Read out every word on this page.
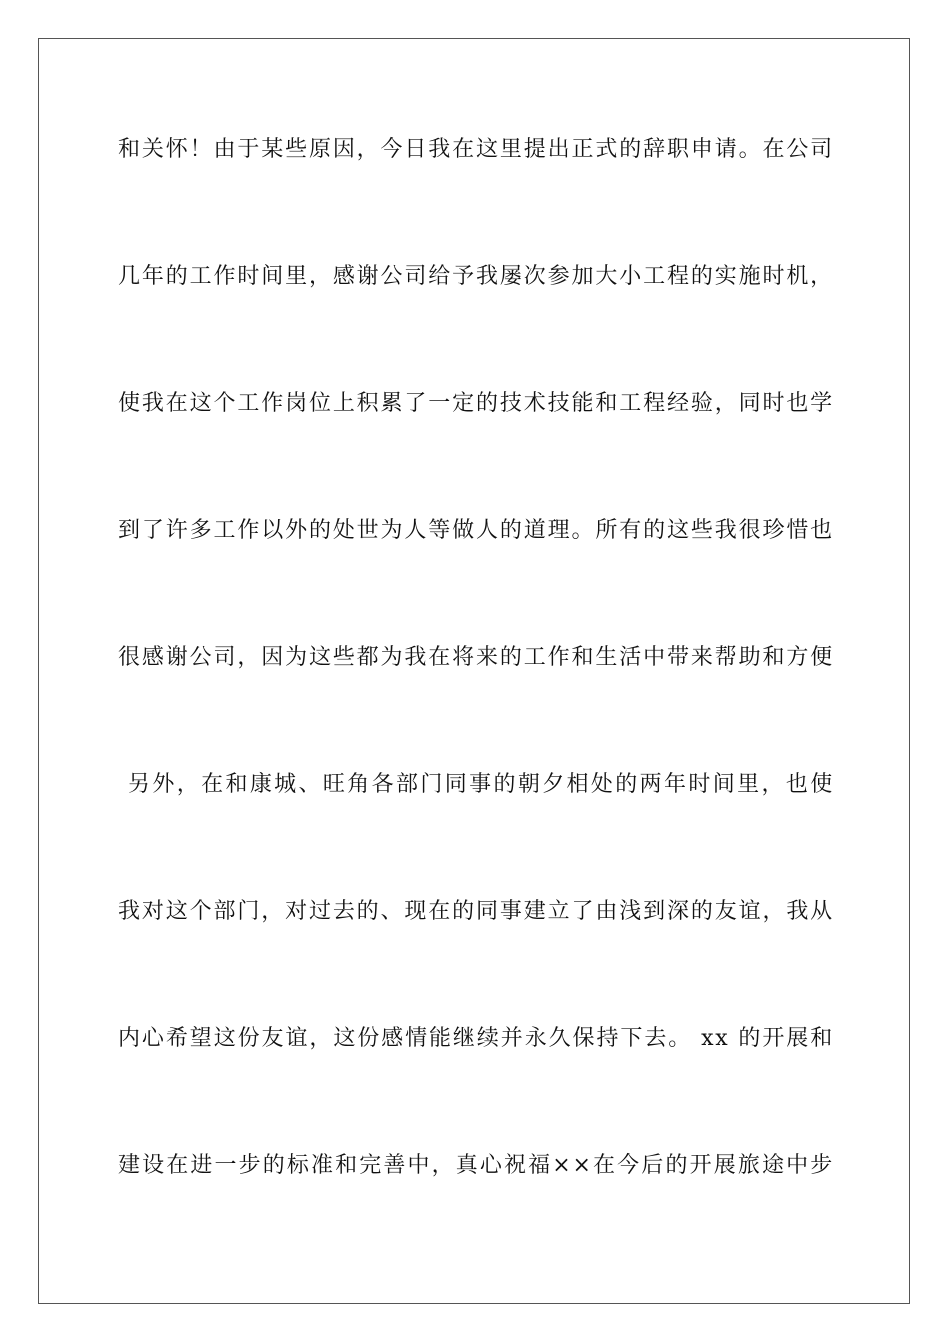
和关怀！由于某些原因，今日我在这里提出正式的辞职申请。在公司
几年的工作时间里，感谢公司给予我屡次参加大小工程的实施时机，
使我在这个工作岗位上积累了一定的技术技能和工程经验，同时也学
到了许多工作以外的处世为人等做人的道理。所有的这些我很珍惜也
很感谢公司，因为这些都为我在将来的工作和生活中带来帮助和方便
另外，在和康城、旺角各部门同事的朝夕相处的两年时间里，也使
我对这个部门，对过去的、现在的同事建立了由浅到深的友谊，我从
内心希望这份友谊，这份感情能继续并永久保持下去。 xx 的开展和
建设在进一步的标准和完善中，真心祝福××在今后的开展旅途中步
